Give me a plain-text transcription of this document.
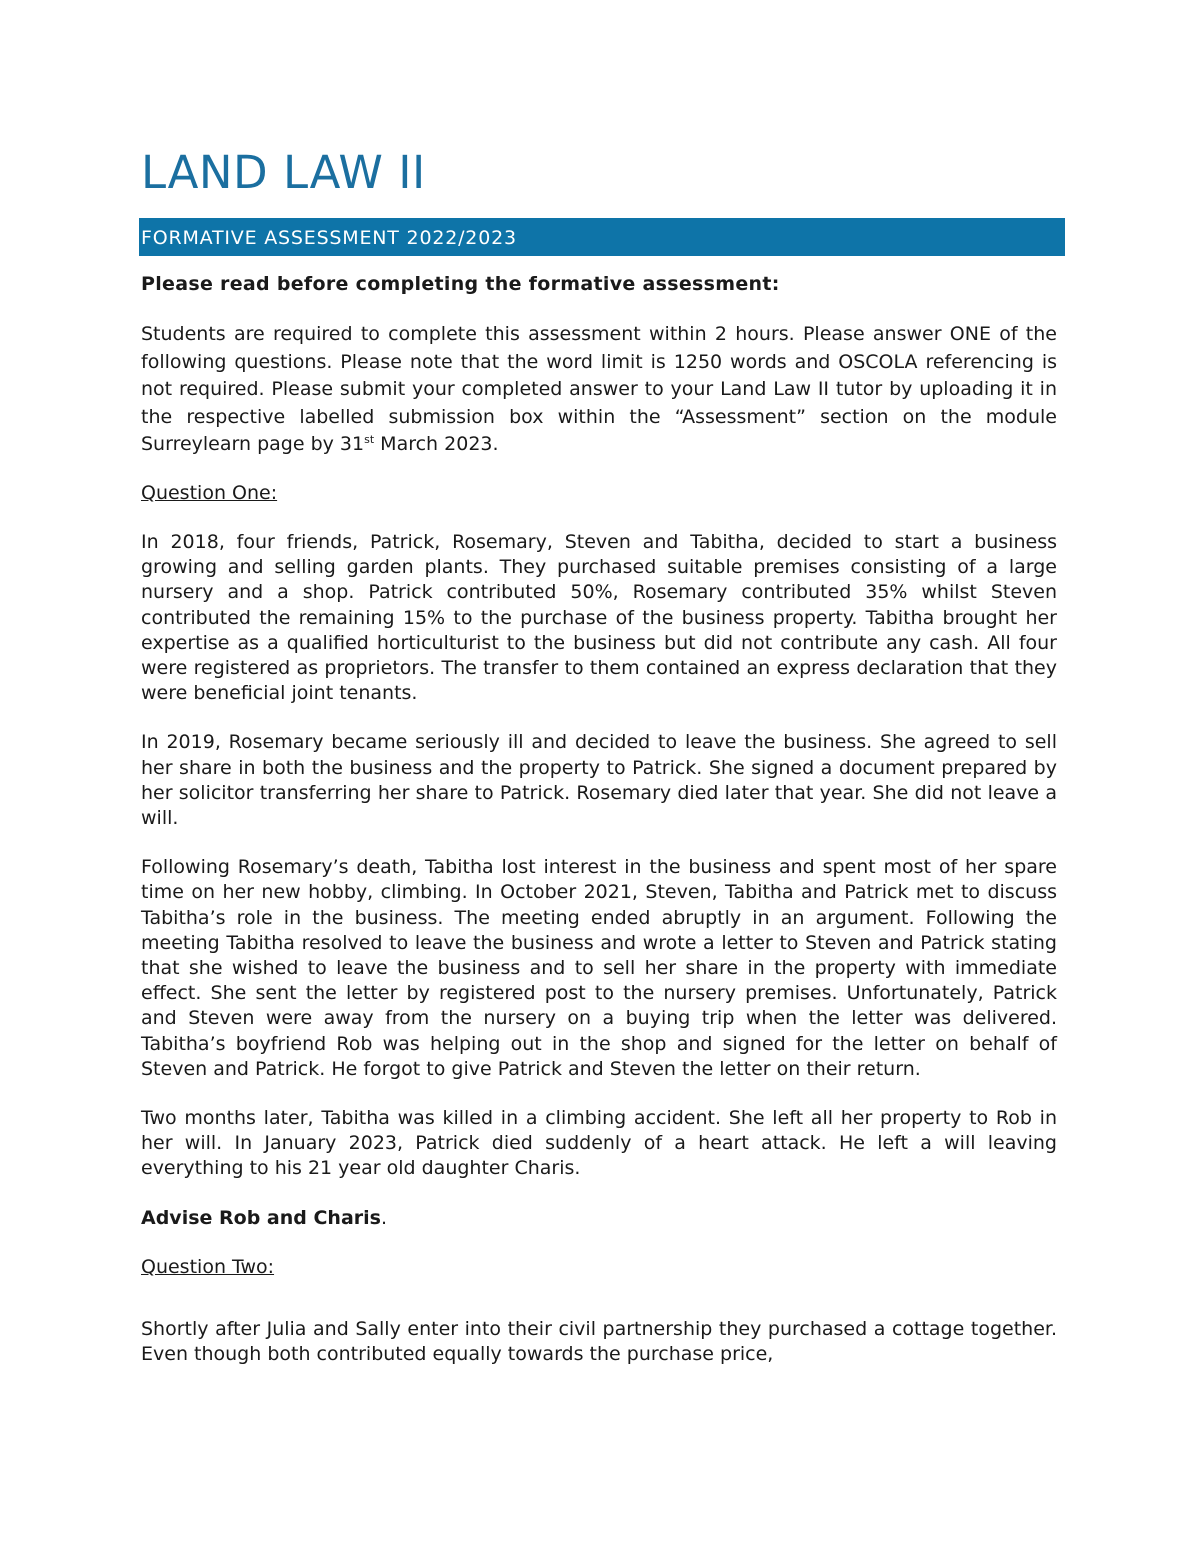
LAND LAW II
FORMATIVE ASSESSMENT 2022/2023

Please read before completing the formative assessment:

Students are required to complete this assessment within 2 hours. Please answer ONE of the following questions. Please note that the word limit is 1250 words and OSCOLA referencing is not required. Please submit your completed answer to your Land Law II tutor by uploading it in the respective labelled submission box within the “Assessment” section on the module Surreylearn page by 31st March 2023.

Question One:

In 2018, four friends, Patrick, Rosemary, Steven and Tabitha, decided to start a business growing and selling garden plants. They purchased suitable premises consisting of a large nursery and a shop. Patrick contributed 50%, Rosemary contributed 35% whilst Steven contributed the remaining 15% to the purchase of the business property. Tabitha brought her expertise as a qualified horticulturist to the business but did not contribute any cash. All four were registered as proprietors. The transfer to them contained an express declaration that they were beneficial joint tenants.

In 2019, Rosemary became seriously ill and decided to leave the business. She agreed to sell her share in both the business and the property to Patrick. She signed a document prepared by her solicitor transferring her share to Patrick. Rosemary died later that year. She did not leave a will.

Following Rosemary’s death, Tabitha lost interest in the business and spent most of her spare time on her new hobby, climbing. In October 2021, Steven, Tabitha and Patrick met to discuss Tabitha’s role in the business. The meeting ended abruptly in an argument. Following the meeting Tabitha resolved to leave the business and wrote a letter to Steven and Patrick stating that she wished to leave the business and to sell her share in the property with immediate effect. She sent the letter by registered post to the nursery premises. Unfortunately, Patrick and Steven were away from the nursery on a buying trip when the letter was delivered. Tabitha’s boyfriend Rob was helping out in the shop and signed for the letter on behalf of Steven and Patrick. He forgot to give Patrick and Steven the letter on their return.

Two months later, Tabitha was killed in a climbing accident. She left all her property to Rob in her will. In January 2023, Patrick died suddenly of a heart attack. He left a will leaving everything to his 21 year old daughter Charis.

Advise Rob and Charis.

Question Two:

Shortly after Julia and Sally enter into their civil partnership they purchased a cottage together. Even though both contributed equally towards the purchase price,
